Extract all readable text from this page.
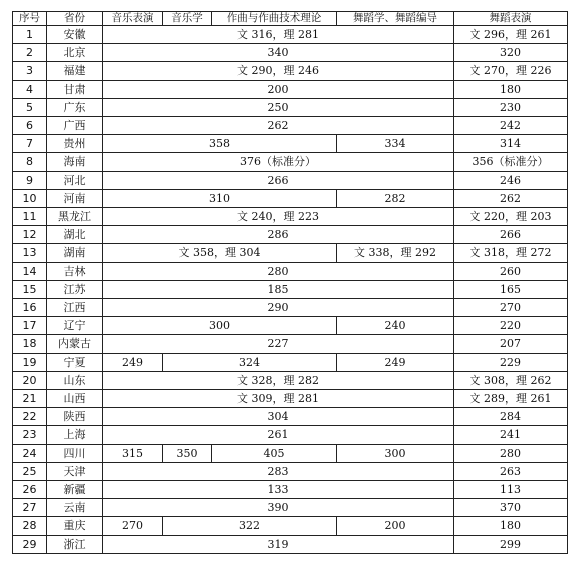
序号	省份	音乐表演	音乐学	作曲与作曲技术理论	舞蹈学、舞蹈编导	舞蹈表演
1	安徽	文 316，理 281				文 296，理 261
2	北京	340				320
3	福建	文 290，理 246				文 270，理 226
4	甘肃	200				180
5	广东	250				230
6	广西	262				242
7	贵州	358			334	314
8	海南	376（标准分）				356（标准分）
9	河北	266				246
10	河南	310			282	262
11	黑龙江	文 240，理 223				文 220，理 203
12	湖北	286				266
13	湖南	文 358，理 304			文 338，理 292	文 318，理 272
14	吉林	280				260
15	江苏	185				165
16	江西	290				270
17	辽宁	300			240	220
18	内蒙古	227				207
19	宁夏	249	324		249	229
20	山东	文 328，理 282				文 308，理 262
21	山西	文 309，理 281				文 289，理 261
22	陕西	304				284
23	上海	261				241
24	四川	315	350	405	300	280
25	天津	283				263
26	新疆	133				113
27	云南	390				370
28	重庆	270	322		200	180
29	浙江	319				299
